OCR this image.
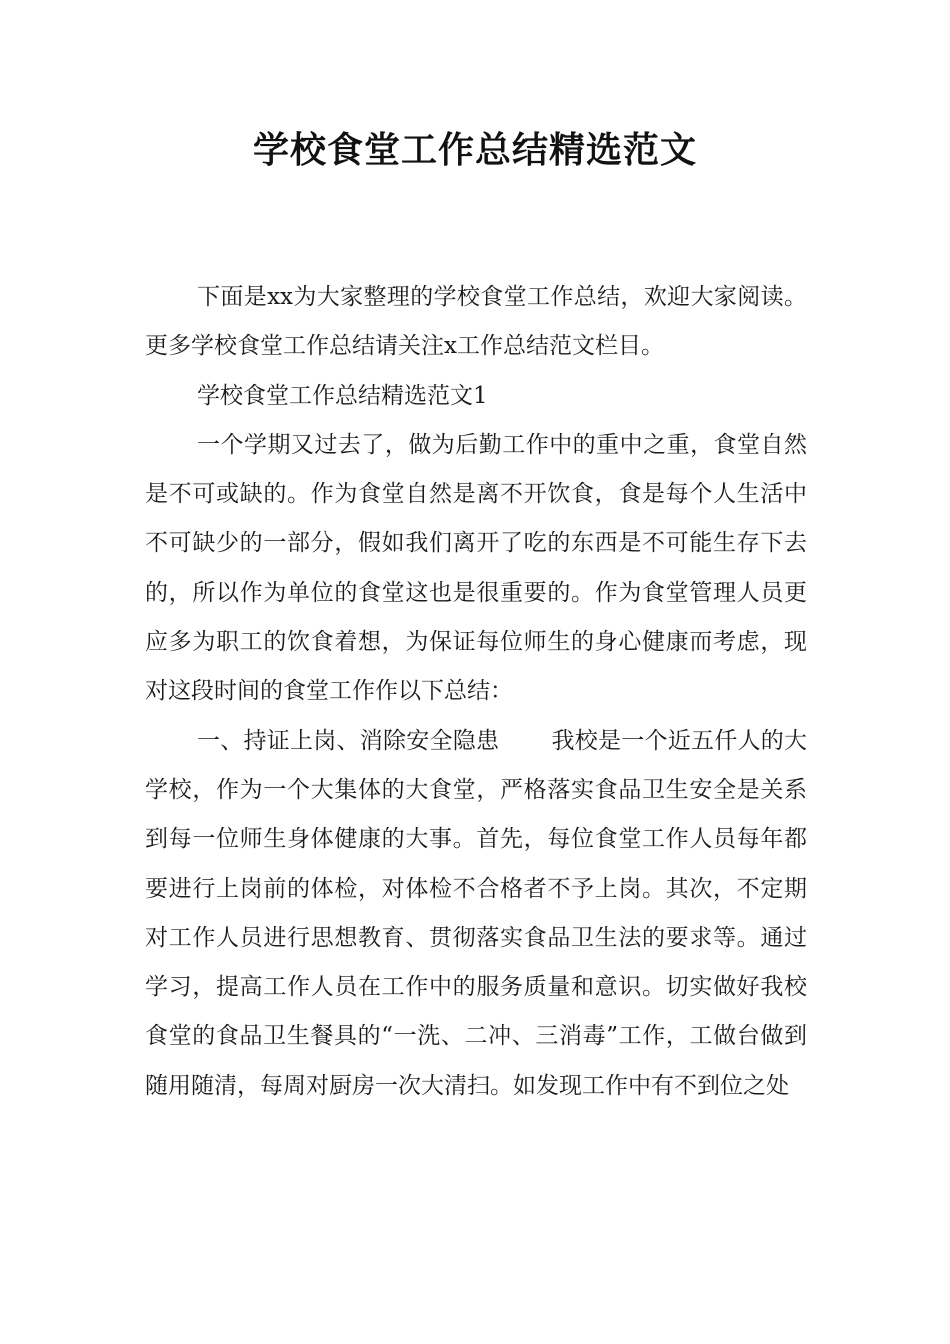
学校食堂工作总结精选范文

下面是xx为大家整理的学校食堂工作总结，欢迎大家阅读。更多学校食堂工作总结请关注x工作总结范文栏目。

学校食堂工作总结精选范文1

一个学期又过去了，做为后勤工作中的重中之重，食堂自然是不可或缺的。作为食堂自然是离不开饮食，食是每个人生活中不可缺少的一部分，假如我们离开了吃的东西是不可能生存下去的，所以作为单位的食堂这也是很重要的。作为食堂管理人员更应多为职工的饮食着想，为保证每位师生的身心健康而考虑，现对这段时间的食堂工作作以下总结：

一、持证上岗、消除安全隐患 我校是一个近五仟人的大学校，作为一个大集体的大食堂，严格落实食品卫生安全是关系到每一位师生身体健康的大事。首先，每位食堂工作人员每年都要进行上岗前的体检，对体检不合格者不予上岗。其次，不定期对工作人员进行思想教育、贯彻落实食品卫生法的要求等。通过学习，提高工作人员在工作中的服务质量和意识。切实做好我校食堂的食品卫生餐具的“一洗、二冲、三消毒”工作，工做台做到随用随清，每周对厨房一次大清扫。如发现工作中有不到位之处
